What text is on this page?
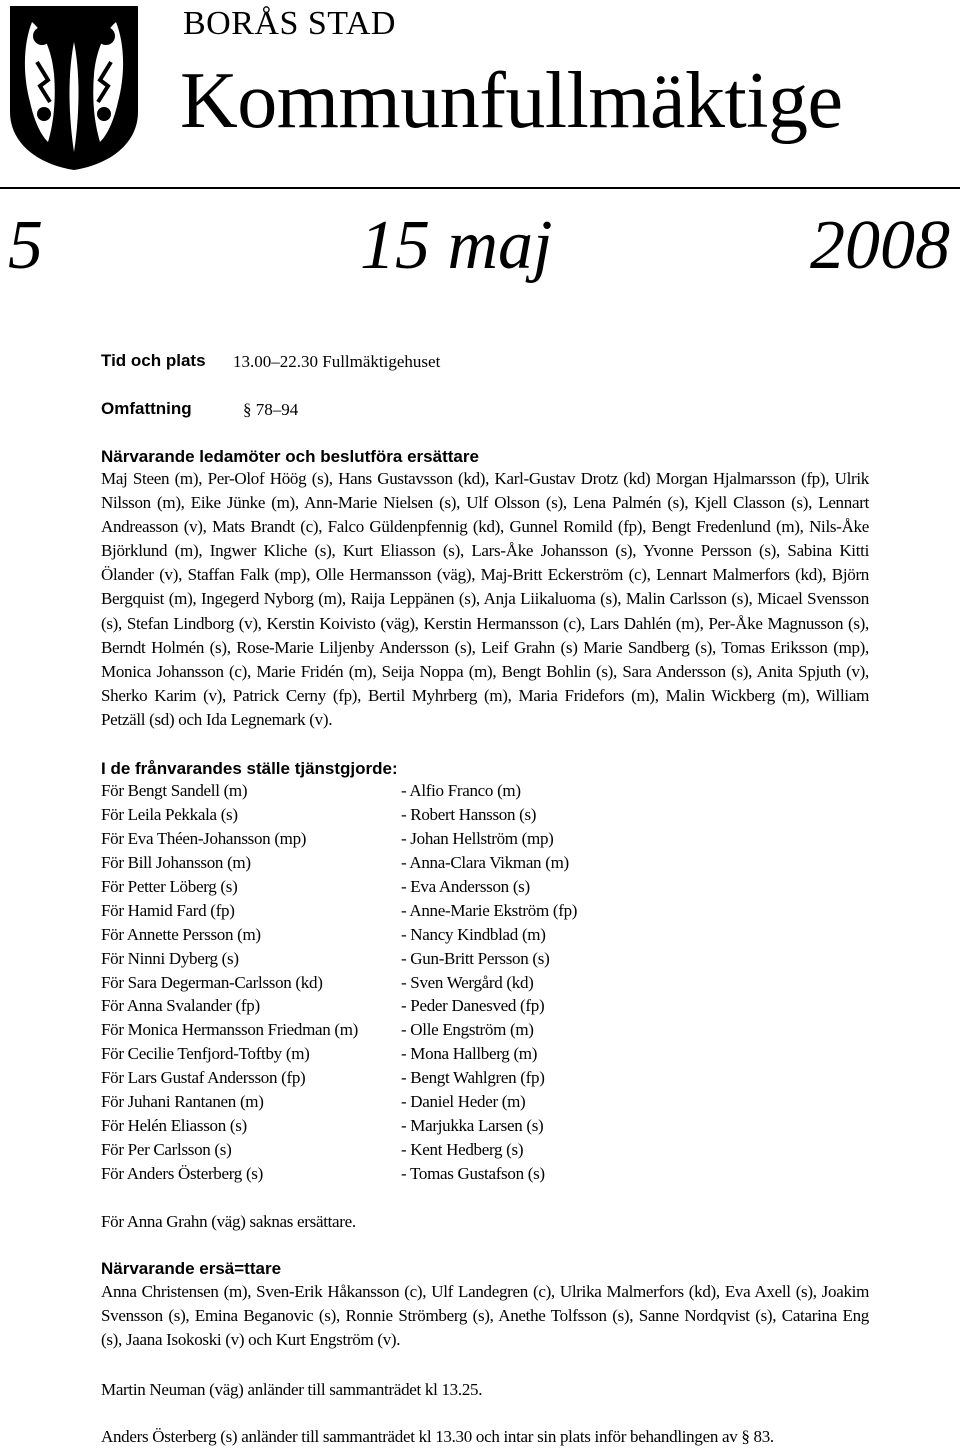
BORÅS STAD
Kommunfullmäktige
5	15 maj	2008
Tid och plats 13.00–22.30 Fullmäktigehuset
Omfattning	§ 78–94
Närvarande ledamöter och beslutföra ersättare
Maj Steen (m), Per-Olof Höög (s), Hans Gustavsson (kd), Karl-Gustav Drotz (kd) Morgan Hjalmarsson (fp), Ulrik Nilsson (m), Eike Jünke (m), Ann-Marie Nielsen (s), Ulf Olsson (s), Lena Palmén (s), Kjell Classon (s), Lennart Andreasson (v), Mats Brandt (c), Falco Güldenpfennig (kd), Gunnel Romild (fp), Bengt Fredenlund (m), Nils-Åke Björklund (m), Ingwer Kliche (s), Kurt Eliasson (s), Lars-Åke Johansson (s), Yvonne Persson (s), Sabina Kitti Ölander (v), Staffan Falk (mp), Olle Hermansson (väg), Maj-Britt Eckerström (c), Lennart Malmerfors (kd), Björn Bergquist (m), Ingegerd Nyborg (m), Raija Leppänen (s), Anja Liikaluoma (s), Malin Carlsson (s), Micael Svensson (s), Stefan Lindborg (v), Kerstin Koivisto (väg), Kerstin Hermansson (c), Lars Dahlén (m), Per-Åke Magnusson (s), Berndt Holmén (s), Rose-Marie Liljenby Andersson (s), Leif Grahn (s) Marie Sandberg (s), Tomas Eriksson (mp), Monica Johansson (c), Marie Fridén (m), Seija Noppa (m), Bengt Bohlin (s), Sara Andersson (s), Anita Spjuth (v), Sherko Karim (v), Patrick Cerny (fp), Bertil Myhrberg (m), Maria Fridefors (m), Malin Wickberg (m), William Petzäll (sd) och Ida Legnemark (v).
I de frånvarandes ställe tjänstgjorde:
För Bengt Sandell (m)	- Alfio Franco (m)
För Leila Pekkala (s)	- Robert Hansson (s)
För Eva Théen-Johansson (mp)	- Johan Hellström (mp)
För Bill Johansson (m)	- Anna-Clara Vikman (m)
För Petter Löberg (s)	- Eva Andersson (s)
För Hamid Fard (fp)	- Anne-Marie Ekström (fp)
För Annette Persson (m)	- Nancy Kindblad (m)
För Ninni Dyberg (s)	- Gun-Britt Persson (s)
För Sara Degerman-Carlsson (kd)	- Sven Wergård (kd)
För Anna Svalander (fp)	- Peder Danesved (fp)
För Monica Hermansson Friedman (m)	- Olle Engström (m)
För Cecilie Tenfjord-Toftby (m)	- Mona Hallberg (m)
För Lars Gustaf Andersson (fp)	- Bengt Wahlgren (fp)
För Juhani Rantanen (m)	- Daniel Heder (m)
För Helén Eliasson (s)	- Marjukka Larsen (s)
För Per Carlsson (s)	- Kent Hedberg (s)
För Anders Österberg (s)	- Tomas Gustafson (s)
För Anna Grahn (väg) saknas ersättare.
Närvarande ersä=ttare
Anna Christensen (m), Sven-Erik Håkansson (c), Ulf Landegren (c), Ulrika Malmerfors (kd), Eva Axell (s), Joakim Svensson (s), Emina Beganovic (s), Ronnie Strömberg (s), Anethe Tolfsson (s), Sanne Nordqvist (s), Catarina Eng (s), Jaana Isokoski (v) och Kurt Engström (v).
Martin Neuman (väg) anländer till sammanträdet kl 13.25.
Anders Österberg (s) anländer till sammanträdet kl 13.30 och intar sin plats inför behandlingen av § 83.
